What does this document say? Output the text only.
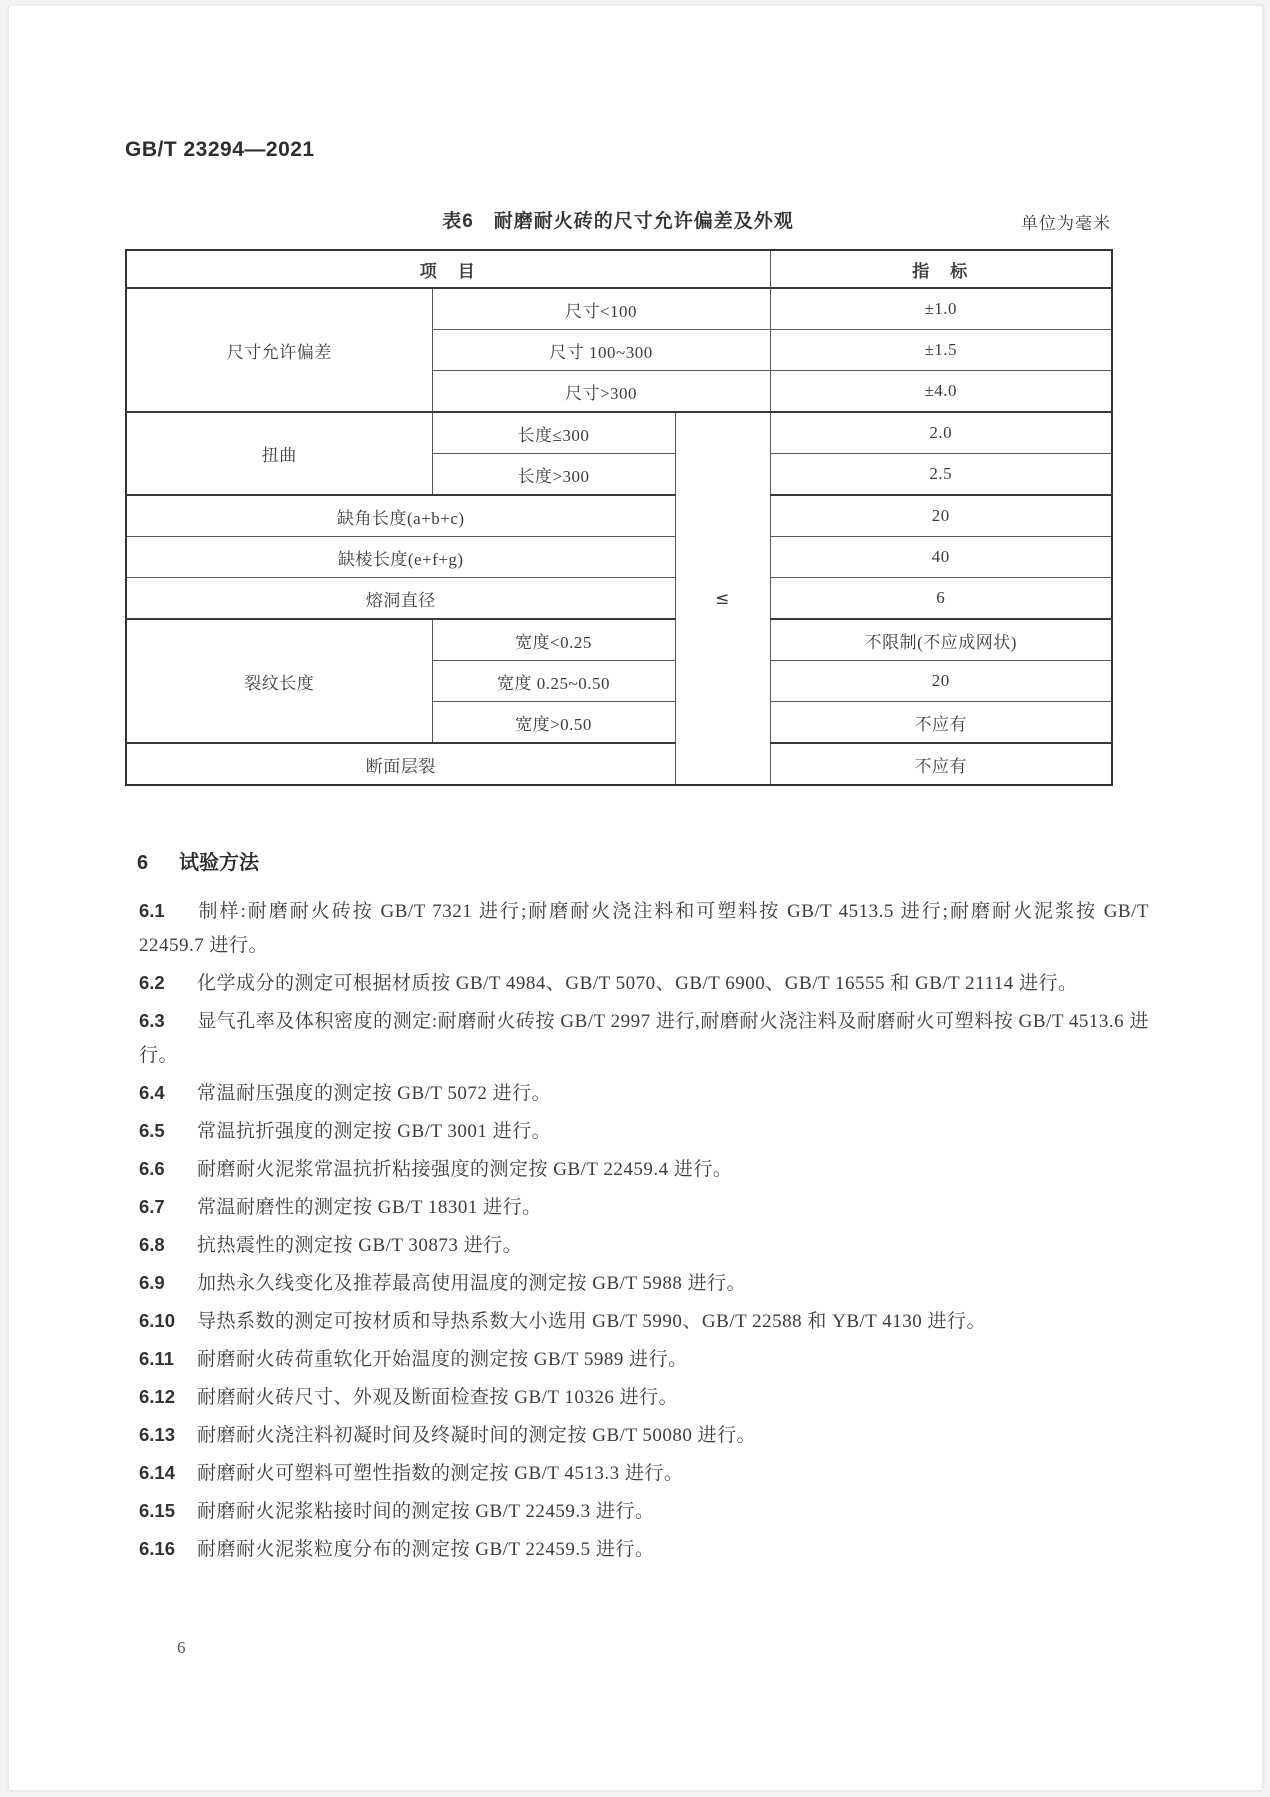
GB/T 23294—2021
表6　耐磨耐火砖的尺寸允许偏差及外观	单位为毫米
项　目			指　标
尺寸允许偏差	尺寸<100		±1.0
	尺寸 100~300		±1.5
	尺寸>300		±4.0
扭曲	长度≤300	≤	2.0
	长度>300		2.5
缺角长度(a+b+c)			20
缺棱长度(e+f+g)			40
熔洞直径			6
裂纹长度	宽度<0.25		不限制(不应成网状)
	宽度 0.25~0.50		20
	宽度>0.50		不应有
断面层裂			不应有
6 试验方法

6.1 制样:耐磨耐火砖按 GB/T 7321 进行;耐磨耐火浇注料和可塑料按 GB/T 4513.5 进行;耐磨耐火泥浆按 GB/T 22459.7 进行。

6.2 化学成分的测定可根据材质按 GB/T 4984、GB/T 5070、GB/T 6900、GB/T 16555 和 GB/T 21114 进行。

6.3 显气孔率及体积密度的测定:耐磨耐火砖按 GB/T 2997 进行,耐磨耐火浇注料及耐磨耐火可塑料按 GB/T 4513.6 进行。

6.4 常温耐压强度的测定按 GB/T 5072 进行。

6.5 常温抗折强度的测定按 GB/T 3001 进行。

6.6 耐磨耐火泥浆常温抗折粘接强度的测定按 GB/T 22459.4 进行。

6.7 常温耐磨性的测定按 GB/T 18301 进行。

6.8 抗热震性的测定按 GB/T 30873 进行。

6.9 加热永久线变化及推荐最高使用温度的测定按 GB/T 5988 进行。

6.10 导热系数的测定可按材质和导热系数大小选用 GB/T 5990、GB/T 22588 和 YB/T 4130 进行。

6.11 耐磨耐火砖荷重软化开始温度的测定按 GB/T 5989 进行。

6.12 耐磨耐火砖尺寸、外观及断面检查按 GB/T 10326 进行。

6.13 耐磨耐火浇注料初凝时间及终凝时间的测定按 GB/T 50080 进行。

6.14 耐磨耐火可塑料可塑性指数的测定按 GB/T 4513.3 进行。

6.15 耐磨耐火泥浆粘接时间的测定按 GB/T 22459.3 进行。

6.16 耐磨耐火泥浆粒度分布的测定按 GB/T 22459.5 进行。

6
